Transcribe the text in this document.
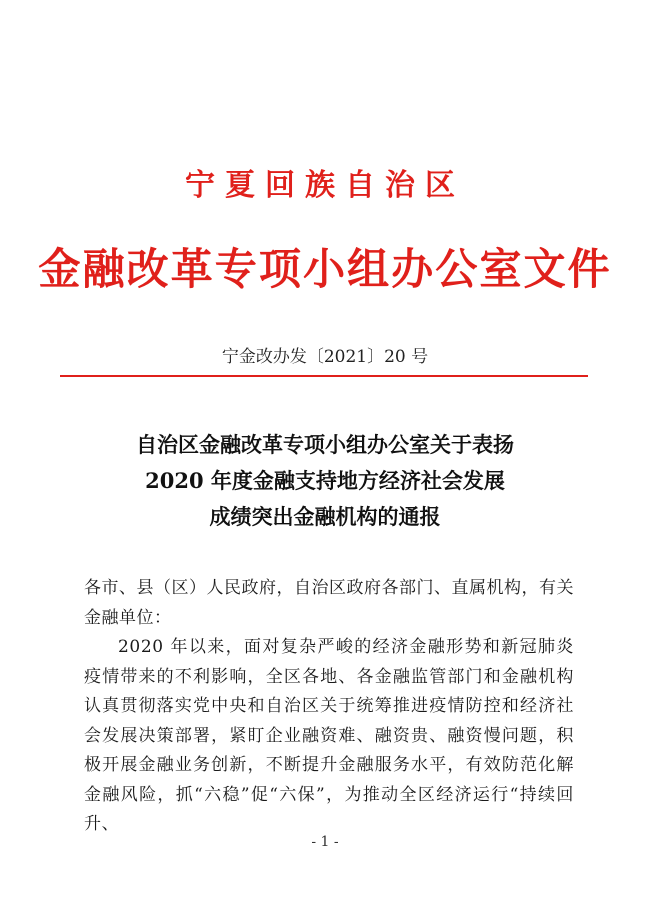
宁夏回族自治区
金融改革专项小组办公室文件
宁金改办发〔2021〕20 号
自治区金融改革专项小组办公室关于表扬
2020 年度金融支持地方经济社会发展
成绩突出金融机构的通报

各市、县（区）人民政府，自治区政府各部门、直属机构，有关金融单位：

2020 年以来，面对复杂严峻的经济金融形势和新冠肺炎疫情带来的不利影响，全区各地、各金融监管部门和金融机构认真贯彻落实党中央和自治区关于统筹推进疫情防控和经济社会发展决策部署，紧盯企业融资难、融资贵、融资慢问题，积极开展金融业务创新，不断提升金融服务水平，有效防范化解金融风险，抓“六稳”促“六保”，为推动全区经济运行“持续回升、

- 1 -
